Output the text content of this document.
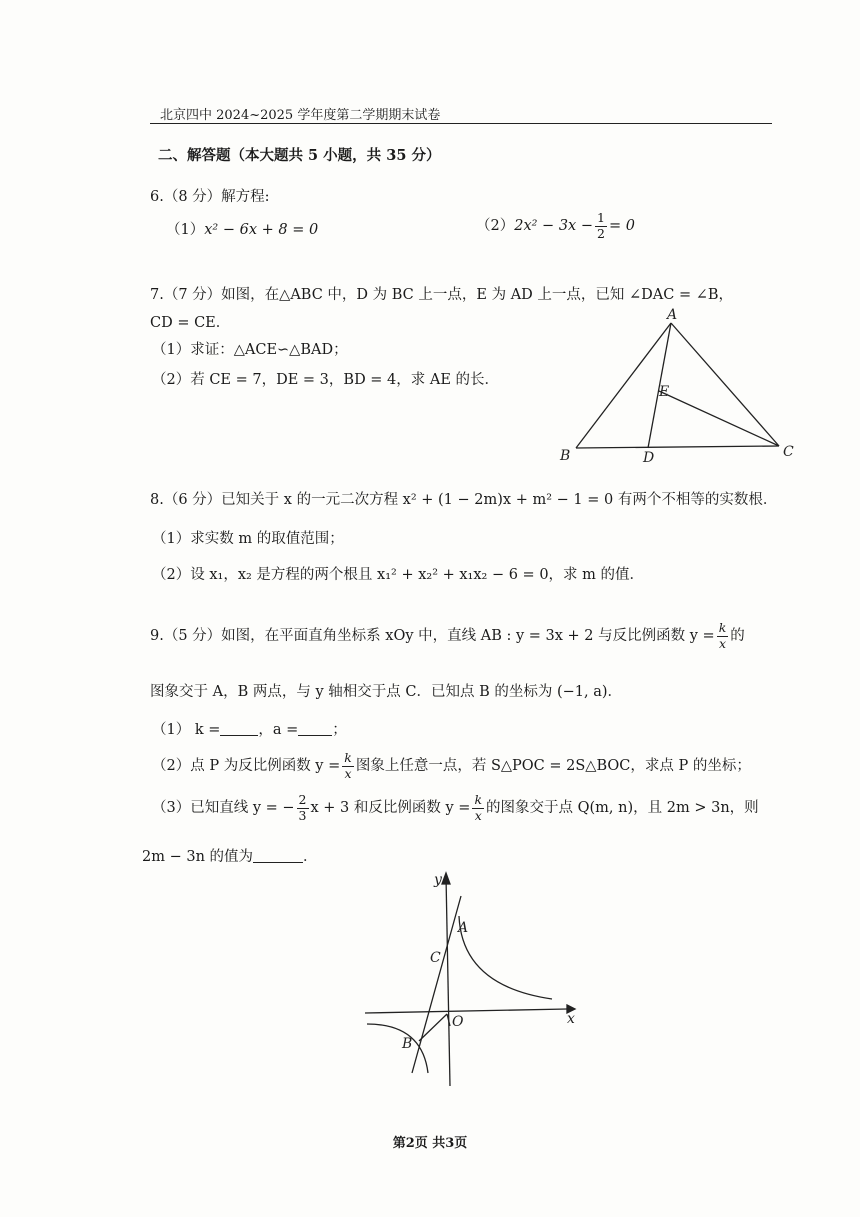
北京四中 2024~2025 学年度第二学期期末试卷
二、解答题（本大题共 5 小题，共 35 分）
6.（8 分）解方程:
（1）x² − 6x + 8 = 0	$(2)2x^2 - 3x - \frac{1}{2} = 0$
7.（7 分）如图，在△ABC 中，D 为 BC 上一点，E 为 AD 上一点，已知 ∠DAC = ∠B，
CD = CE．
（1）求证：△ACE∽△BAD；
（2）若 CE = 7，DE = 3，BD = 4，求 AE 的长．
A
B	C
D
E
8.（6 分）已知关于 x 的一元二次方程 x² + (1 − 2m)x + m² − 1 = 0 有两个不相等的实数根．
（1）求实数 m 的取值范围；
（2）设 x₁，x₂ 是方程的两个根且 x₁² + x₂² + x₁x₂ − 6 = 0，求 m 的值．
9.（5 分）如图，在平面直角坐标系 xOy 中，直线 AB : y = 3x + 2 与反比例函数 $y = \frac{k}{x}$ 的
图象交于 A，B 两点，与 y 轴相交于点 C．已知点 B 的坐标为 (−1, a)．
（1） k =	，a = ；
（2）点 P 为反比例函数 $y = \frac{k}{x}$ 图象上任意一点，若 S△POC = 2S△BOC，求点 P 的坐标；
（3）已知直线 y = − $\frac{2}{3}$ x + 3 和反比例函数 $y = \frac{k}{x}$ 的图象交于点 Q(m, n)，且 2m > 3n，则
2m − 3n 的值为	．
y
x
O
A
C
B
第2页 共3页
